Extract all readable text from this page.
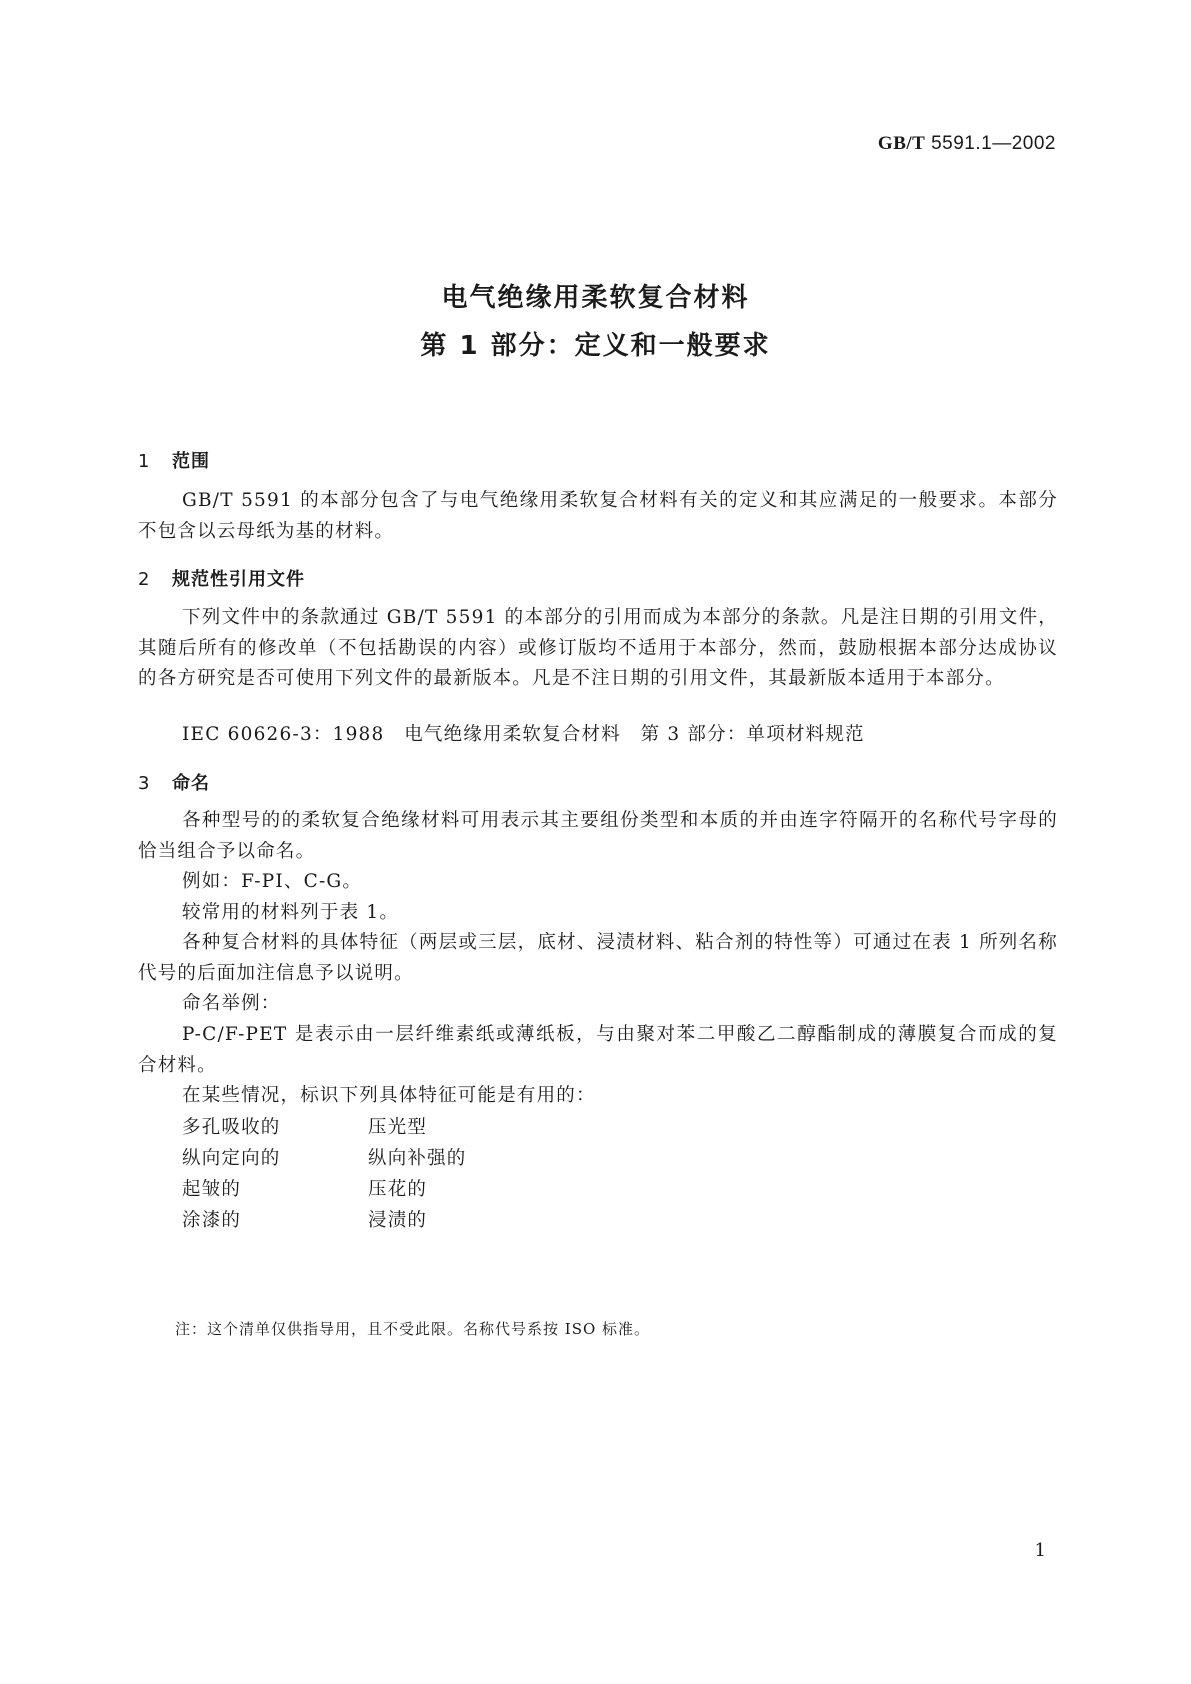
GB/T 5591.1—2002
电气绝缘用柔软复合材料
第 1 部分：定义和一般要求
1 范围

GB/T 5591 的本部分包含了与电气绝缘用柔软复合材料有关的定义和其应满足的一般要求。本部分不包含以云母纸为基的材料。

2 规范性引用文件

下列文件中的条款通过 GB/T 5591 的本部分的引用而成为本部分的条款。凡是注日期的引用文件，其随后所有的修改单（不包括勘误的内容）或修订版均不适用于本部分，然而，鼓励根据本部分达成协议的各方研究是否可使用下列文件的最新版本。凡是不注日期的引用文件，其最新版本适用于本部分。

IEC 60626-3：1988　电气绝缘用柔软复合材料　第 3 部分：单项材料规范

3 命名

各种型号的的柔软复合绝缘材料可用表示其主要组份类型和本质的并由连字符隔开的名称代号字母的恰当组合予以命名。

例如：F-PI、C-G。

较常用的材料列于表 1。

各种复合材料的具体特征（两层或三层，底材、浸渍材料、粘合剂的特性等）可通过在表 1 所列名称代号的后面加注信息予以说明。

命名举例：

P-C/F-PET 是表示由一层纤维素纸或薄纸板，与由聚对苯二甲酸乙二醇酯制成的薄膜复合而成的复合材料。

在某些情况，标识下列具体特征可能是有用的：

多孔吸收的	压光型
纵向定向的	纵向补强的
起皱的	压花的
涂漆的	浸渍的
注：这个清单仅供指导用，且不受此限。名称代号系按 ISO 标准。
1
